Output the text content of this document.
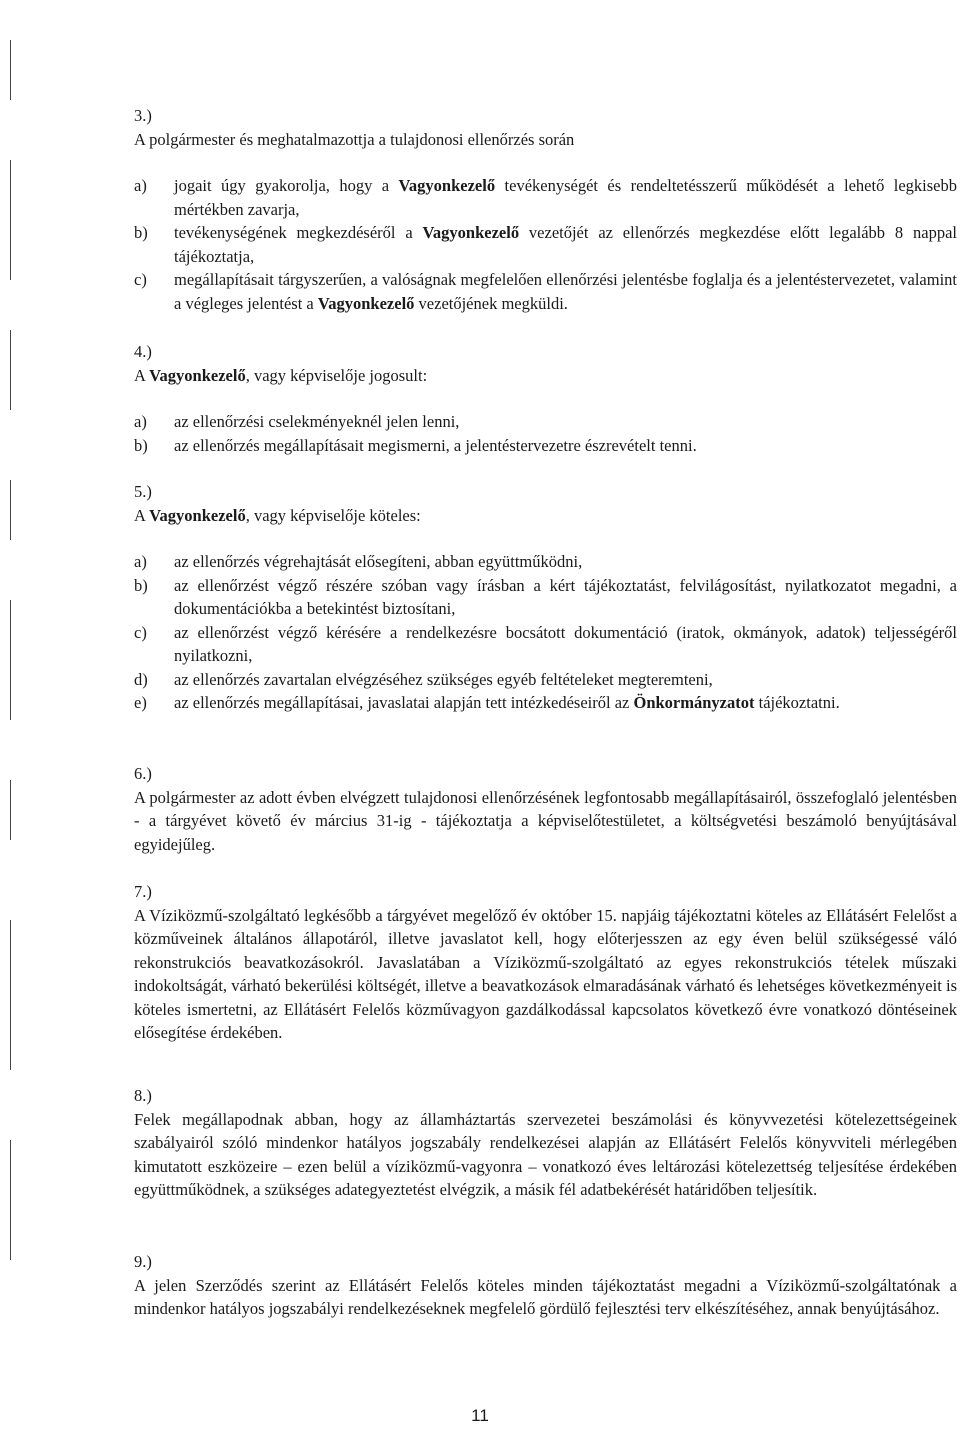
3.)
A polgármester és meghatalmazottja a tulajdonosi ellenőrzés során
a)	jogait úgy gyakorolja, hogy a Vagyonkezelő tevékenységét és rendeltetésszerű működését a lehető legkisebb mértékben zavarja,
b)	tevékenységének megkezdéséről a Vagyonkezelő vezetőjét az ellenőrzés megkezdése előtt legalább 8 nappal tájékoztatja,
c)	megállapításait tárgyszerűen, a valóságnak megfelelően ellenőrzési jelentésbe foglalja és a jelentéstervezetet, valamint a végleges jelentést a Vagyonkezelő vezetőjének megküldi.
4.)
A Vagyonkezelő, vagy képviselője jogosult:
a)	az ellenőrzési cselekményeknél jelen lenni,
b)	az ellenőrzés megállapításait megismerni, a jelentéstervezetre észrevételt tenni.
5.)
A Vagyonkezelő, vagy képviselője köteles:
a)	az ellenőrzés végrehajtását elősegíteni, abban együttműködni,
b)	az ellenőrzést végző részére szóban vagy írásban a kért tájékoztatást, felvilágosítást, nyilatkozatot megadni, a dokumentációkba a betekintést biztosítani,
c)	az ellenőrzést végző kérésére a rendelkezésre bocsátott dokumentáció (iratok, okmányok, adatok) teljességéről nyilatkozni,
d)	az ellenőrzés zavartalan elvégzéséhez szükséges egyéb feltételeket megteremteni,
e)	az ellenőrzés megállapításai, javaslatai alapján tett intézkedéseiről az Önkormányzatot tájékoztatni.
6.)
A polgármester az adott évben elvégzett tulajdonosi ellenőrzésének legfontosabb megállapításairól, összefoglaló jelentésben - a tárgyévet követő év március 31-ig - tájékoztatja a képviselőtestületet, a költségvetési beszámoló benyújtásával egyidejűleg.
7.)
A Víziközmű-szolgáltató legkésőbb a tárgyévet megelőző év október 15. napjáig tájékoztatni köteles az Ellátásért Felelőst a közműveinek általános állapotáról, illetve javaslatot kell, hogy előterjesszen az egy éven belül szükségessé váló rekonstrukciós beavatkozásokról. Javaslatában a Víziközmű-szolgáltató az egyes rekonstrukciós tételek műszaki indokoltságát, várható bekerülési költségét, illetve a beavatkozások elmaradásának várható és lehetséges következményeit is köteles ismertetni, az Ellátásért Felelős közművagyon gazdálkodással kapcsolatos következő évre vonatkozó döntéseinek elősegítése érdekében.
8.)
Felek megállapodnak abban, hogy az államháztartás szervezetei beszámolási és könyvvezetési kötelezettségeinek szabályairól szóló mindenkor hatályos jogszabály rendelkezései alapján az Ellátásért Felelős könyvviteli mérlegében kimutatott eszközeire – ezen belül a víziközmű-vagyonra – vonatkozó éves leltározási kötelezettség teljesítése érdekében együttműködnek, a szükséges adategyeztetést elvégzik, a másik fél adatbekérését határidőben teljesítik.
9.)
A jelen Szerződés szerint az Ellátásért Felelős köteles minden tájékoztatást megadni a Víziközmű-szolgáltatónak a mindenkor hatályos jogszabályi rendelkezéseknek megfelelő gördülő fejlesztési terv elkészítéséhez, annak benyújtásához.
11
